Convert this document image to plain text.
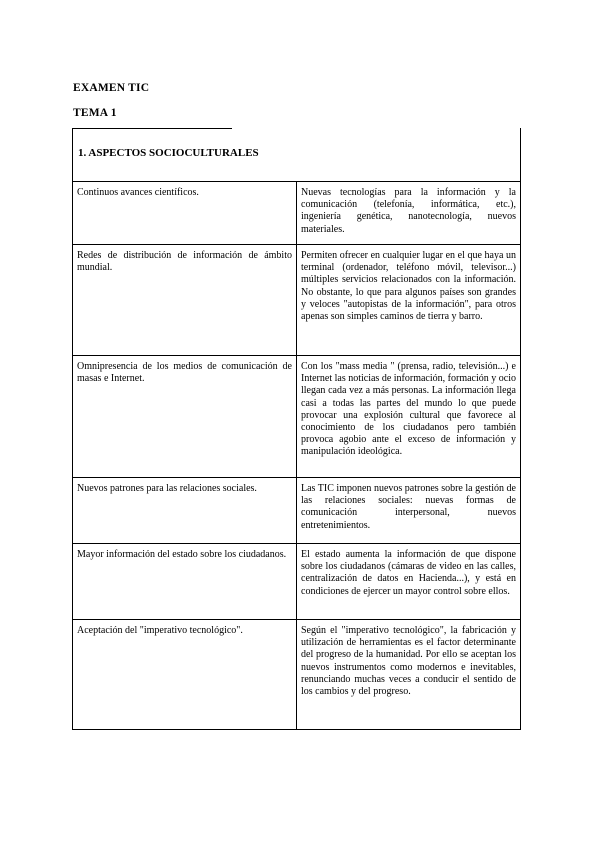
EXAMEN TIC
TEMA 1
1. ASPECTOS SOCIOCULTURALES	
Continuos avances científicos.	Nuevas tecnologías para la información y la comunicación (telefonía, informática, etc.), ingeniería genética, nanotecnología, nuevos materiales.
Redes de distribución de información de ámbito mundial.	Permiten ofrecer en cualquier lugar en el que haya un terminal (ordenador, teléfono móvil, televisor...) múltiples servicios relacionados con la información. No obstante, lo que para algunos países son grandes y veloces "autopistas de la información", para otros apenas son simples caminos de tierra y barro.
Omnipresencia de los medios de comunicación de masas e Internet.	Con los "mass media " (prensa, radio, televisión...) e Internet las noticias de información, formación y ocio llegan cada vez a más personas. La información llega casi a todas las partes del mundo lo que puede provocar una explosión cultural que favorece al conocimiento de los ciudadanos pero también provoca agobio ante el exceso de información y manipulación ideológica.
Nuevos patrones para las relaciones sociales.	Las TIC imponen nuevos patrones sobre la gestión de las relaciones sociales: nuevas formas de comunicación interpersonal, nuevos entretenimientos.
Mayor información del estado sobre los ciudadanos.	El estado aumenta la información de que dispone sobre los ciudadanos (cámaras de video en las calles, centralización de datos en Hacienda...), y está en condiciones de ejercer un mayor control sobre ellos.
Aceptación del "imperativo tecnológico".	Según el "imperativo tecnológico", la fabricación y utilización de herramientas es el factor determinante del progreso de la humanidad. Por ello se aceptan los nuevos instrumentos como modernos e inevitables, renunciando muchas veces a conducir el sentido de los cambios y del progreso.
